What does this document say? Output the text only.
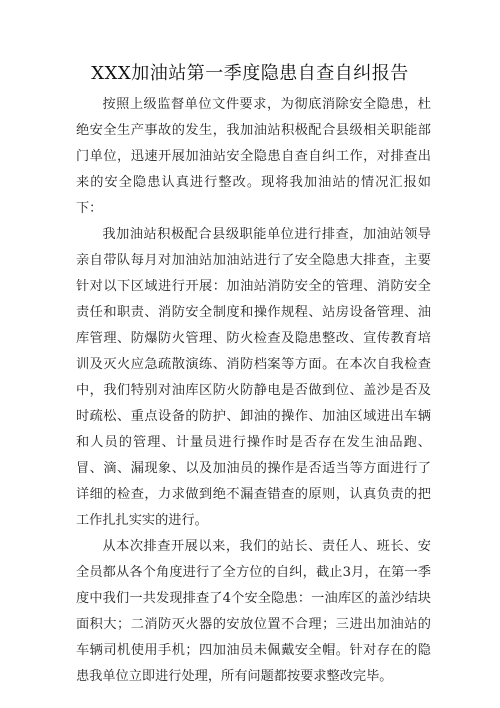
XXX加油站第一季度隐患自查自纠报告

按照上级监督单位文件要求，为彻底消除安全隐患，杜绝安全生产事故的发生，我加油站积极配合县级相关职能部门单位，迅速开展加油站安全隐患自查自纠工作，对排查出来的安全隐患认真进行整改。现将我加油站的情况汇报如下：

我加油站积极配合县级职能单位进行排查，加油站领导亲自带队每月对加油站加油站进行了安全隐患大排查，主要针对以下区域进行开展：加油站消防安全的管理、消防安全责任和职责、消防安全制度和操作规程、站房设备管理、油库管理、防爆防火管理、防火检查及隐患整改、宣传教育培训及灭火应急疏散演练、消防档案等方面。在本次自我检查中，我们特别对油库区防火防静电是否做到位、盖沙是否及时疏松、重点设备的防护、卸油的操作、加油区域进出车辆和人员的管理、计量员进行操作时是否存在发生油品跑、冒、滴、漏现象、以及加油员的操作是否适当等方面进行了详细的检查，力求做到绝不漏查错查的原则，认真负责的把工作扎扎实实的进行。

从本次排查开展以来，我们的站长、责任人、班长、安全员都从各个角度进行了全方位的自纠，截止3月，在第一季度中我们一共发现排查了4个安全隐患：一油库区的盖沙结块面积大；二消防灭火器的安放位置不合理；三进出加油站的车辆司机使用手机；四加油员未佩戴安全帽。针对存在的隐患我单位立即进行处理，所有问题都按要求整改完毕。
